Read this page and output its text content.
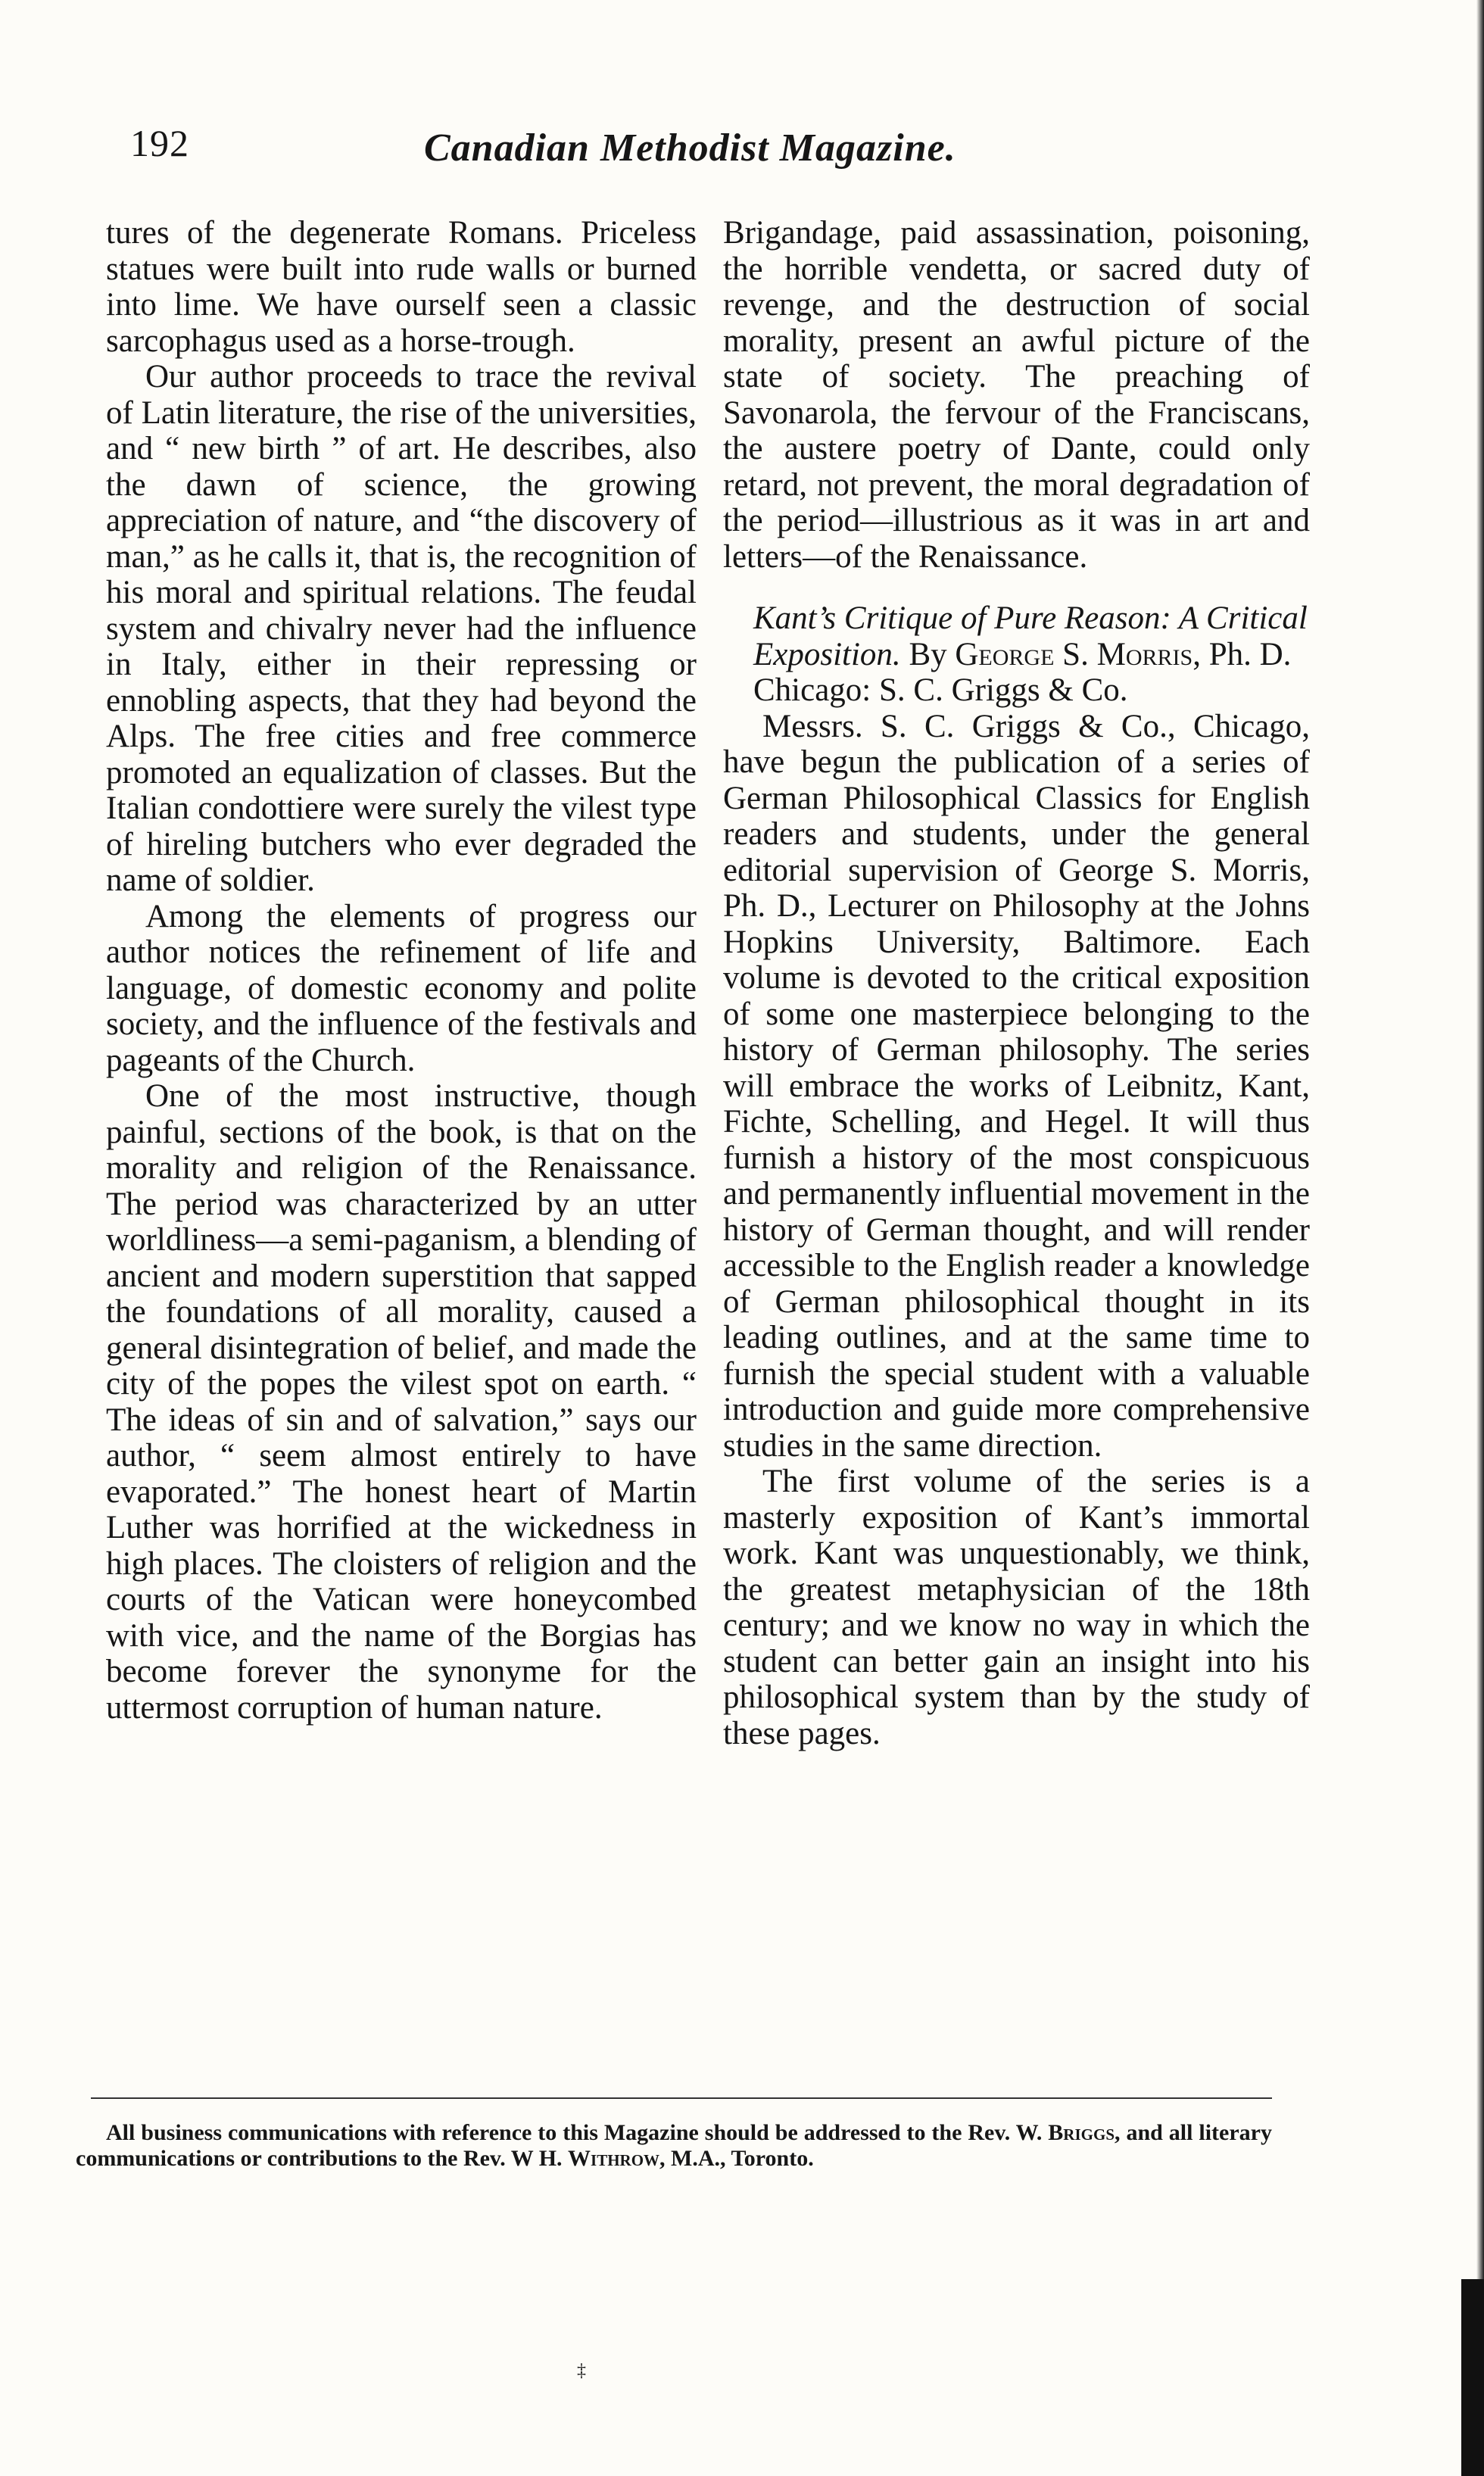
192	Canadian Methodist Magazine.

tures of the degenerate Romans. Priceless statues were built into rude walls or burned into lime. We have ourself seen a classic sarcophagus used as a horse-trough.

Our author proceeds to trace the revival of Latin literature, the rise of the universities, and “ new birth ” of art. He describes, also the dawn of science, the growing appreciation of nature, and “the discovery of man,” as he calls it, that is, the recognition of his moral and spiritual relations. The feudal system and chivalry never had the influence in Italy, either in their repressing or ennobling aspects, that they had beyond the Alps. The free cities and free commerce promoted an equalization of classes. But the Italian condottiere were surely the vilest type of hireling butchers who ever degraded the name of soldier.

Among the elements of progress our author notices the refinement of life and language, of domestic economy and polite society, and the influence of the festivals and pageants of the Church.

One of the most instructive, though painful, sections of the book, is that on the morality and religion of the Renaissance. The period was characterized by an utter worldliness—a semi-paganism, a blending of ancient and modern superstition that sapped the foundations of all morality, caused a general disintegration of belief, and made the city of the popes the vilest spot on earth. “ The ideas of sin and of salvation,” says our author, “ seem almost entirely to have evaporated.” The honest heart of Martin Luther was horrified at the wickedness in high places. The cloisters of religion and the courts of the Vatican were honeycombed with vice, and the name of the Borgias has become forever the synonyme for the uttermost corruption of human nature.

Brigandage, paid assassination, poisoning, the horrible vendetta, or sacred duty of revenge, and the destruction of social morality, present an awful picture of the state of society. The preaching of Savonarola, the fervour of the Franciscans, the austere poetry of Dante, could only retard, not prevent, the moral degradation of the period—illustrious as it was in art and letters—of the Renaissance.

Kant’s Critique of Pure Reason: A Critical Exposition. By George S. Morris, Ph. D. Chicago: S. C. Griggs & Co.

Messrs. S. C. Griggs & Co., Chicago, have begun the publication of a series of German Philosophical Classics for English readers and students, under the general editorial supervision of George S. Morris, Ph. D., Lecturer on Philosophy at the Johns Hopkins University, Baltimore. Each volume is devoted to the critical exposition of some one masterpiece belonging to the history of German philosophy. The series will embrace the works of Leibnitz, Kant, Fichte, Schelling, and Hegel. It will thus furnish a history of the most conspicuous and permanently influential movement in the history of German thought, and will render accessible to the English reader a knowledge of German philosophical thought in its leading outlines, and at the same time to furnish the special student with a valuable introduction and guide more comprehensive studies in the same direction.

The first volume of the series is a masterly exposition of Kant’s immortal work. Kant was unquestionably, we think, the greatest metaphysician of the 18th century; and we know no way in which the student can better gain an insight into his philosophical system than by the study of these pages.

All business communications with reference to this Magazine should be addressed to the Rev. W. Briggs, and all literary communications or contributions to the Rev. W H. Withrow, M.A., Toronto.
‡
